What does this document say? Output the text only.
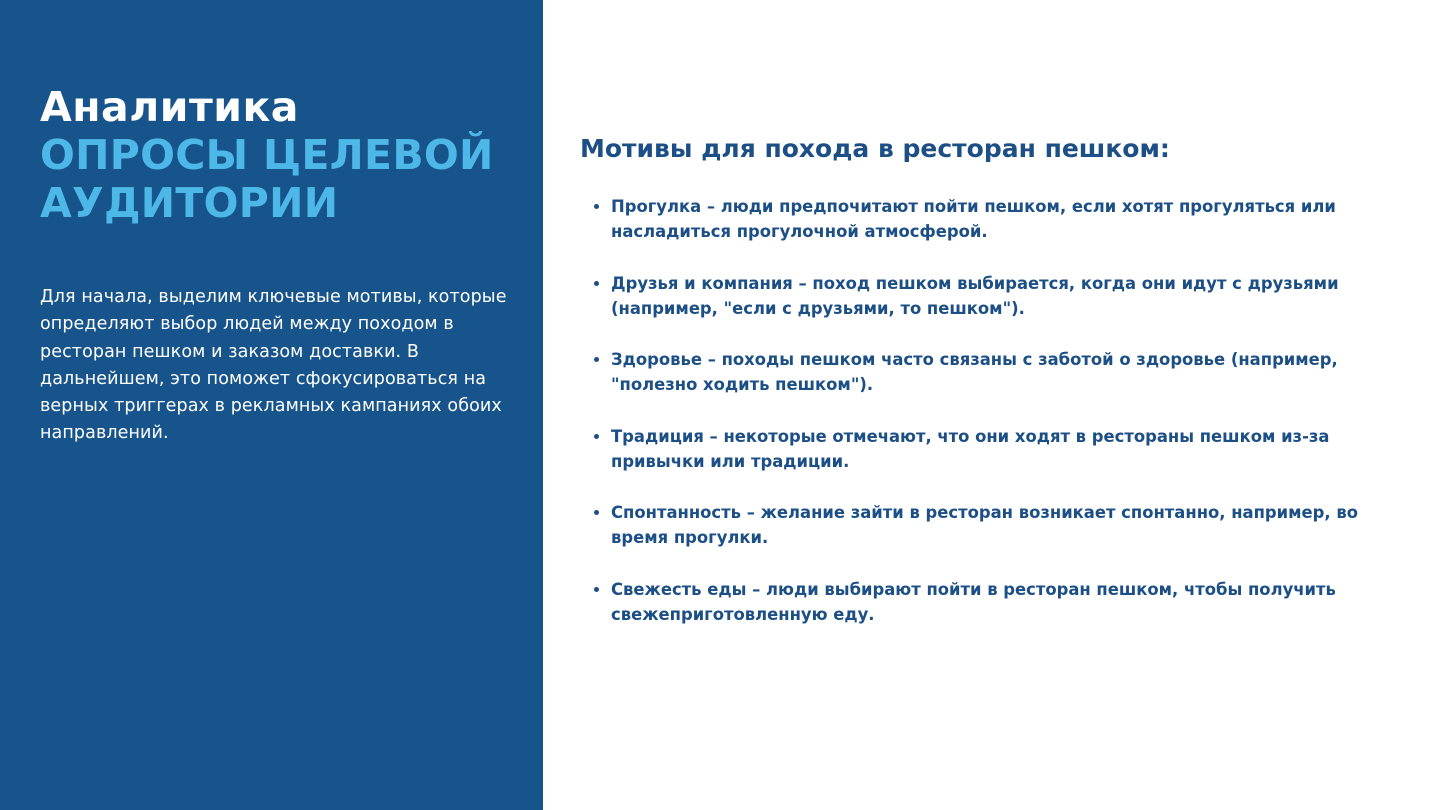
Аналитика
ОПРОСЫ ЦЕЛЕВОЙ АУДИТОРИИ
Для начала, выделим ключевые мотивы, которые определяют выбор людей между походом в ресторан пешком и заказом доставки. В дальнейшем, это поможет сфокусироваться на верных триггерах в рекламных кампаниях обоих направлений.
Мотивы для похода в ресторан пешком:
Прогулка – люди предпочитают пойти пешком, если хотят прогуляться или насладиться прогулочной атмосферой.
Друзья и компания – поход пешком выбирается, когда они идут с друзьями (например, "если с друзьями, то пешком").
Здоровье – походы пешком часто связаны с заботой о здоровье (например, "полезно ходить пешком").
Традиция – некоторые отмечают, что они ходят в рестораны пешком из-за привычки или традиции.
Спонтанность – желание зайти в ресторан возникает спонтанно, например, во время прогулки.
Свежесть еды – люди выбирают пойти в ресторан пешком, чтобы получить свежеприготовленную еду.
